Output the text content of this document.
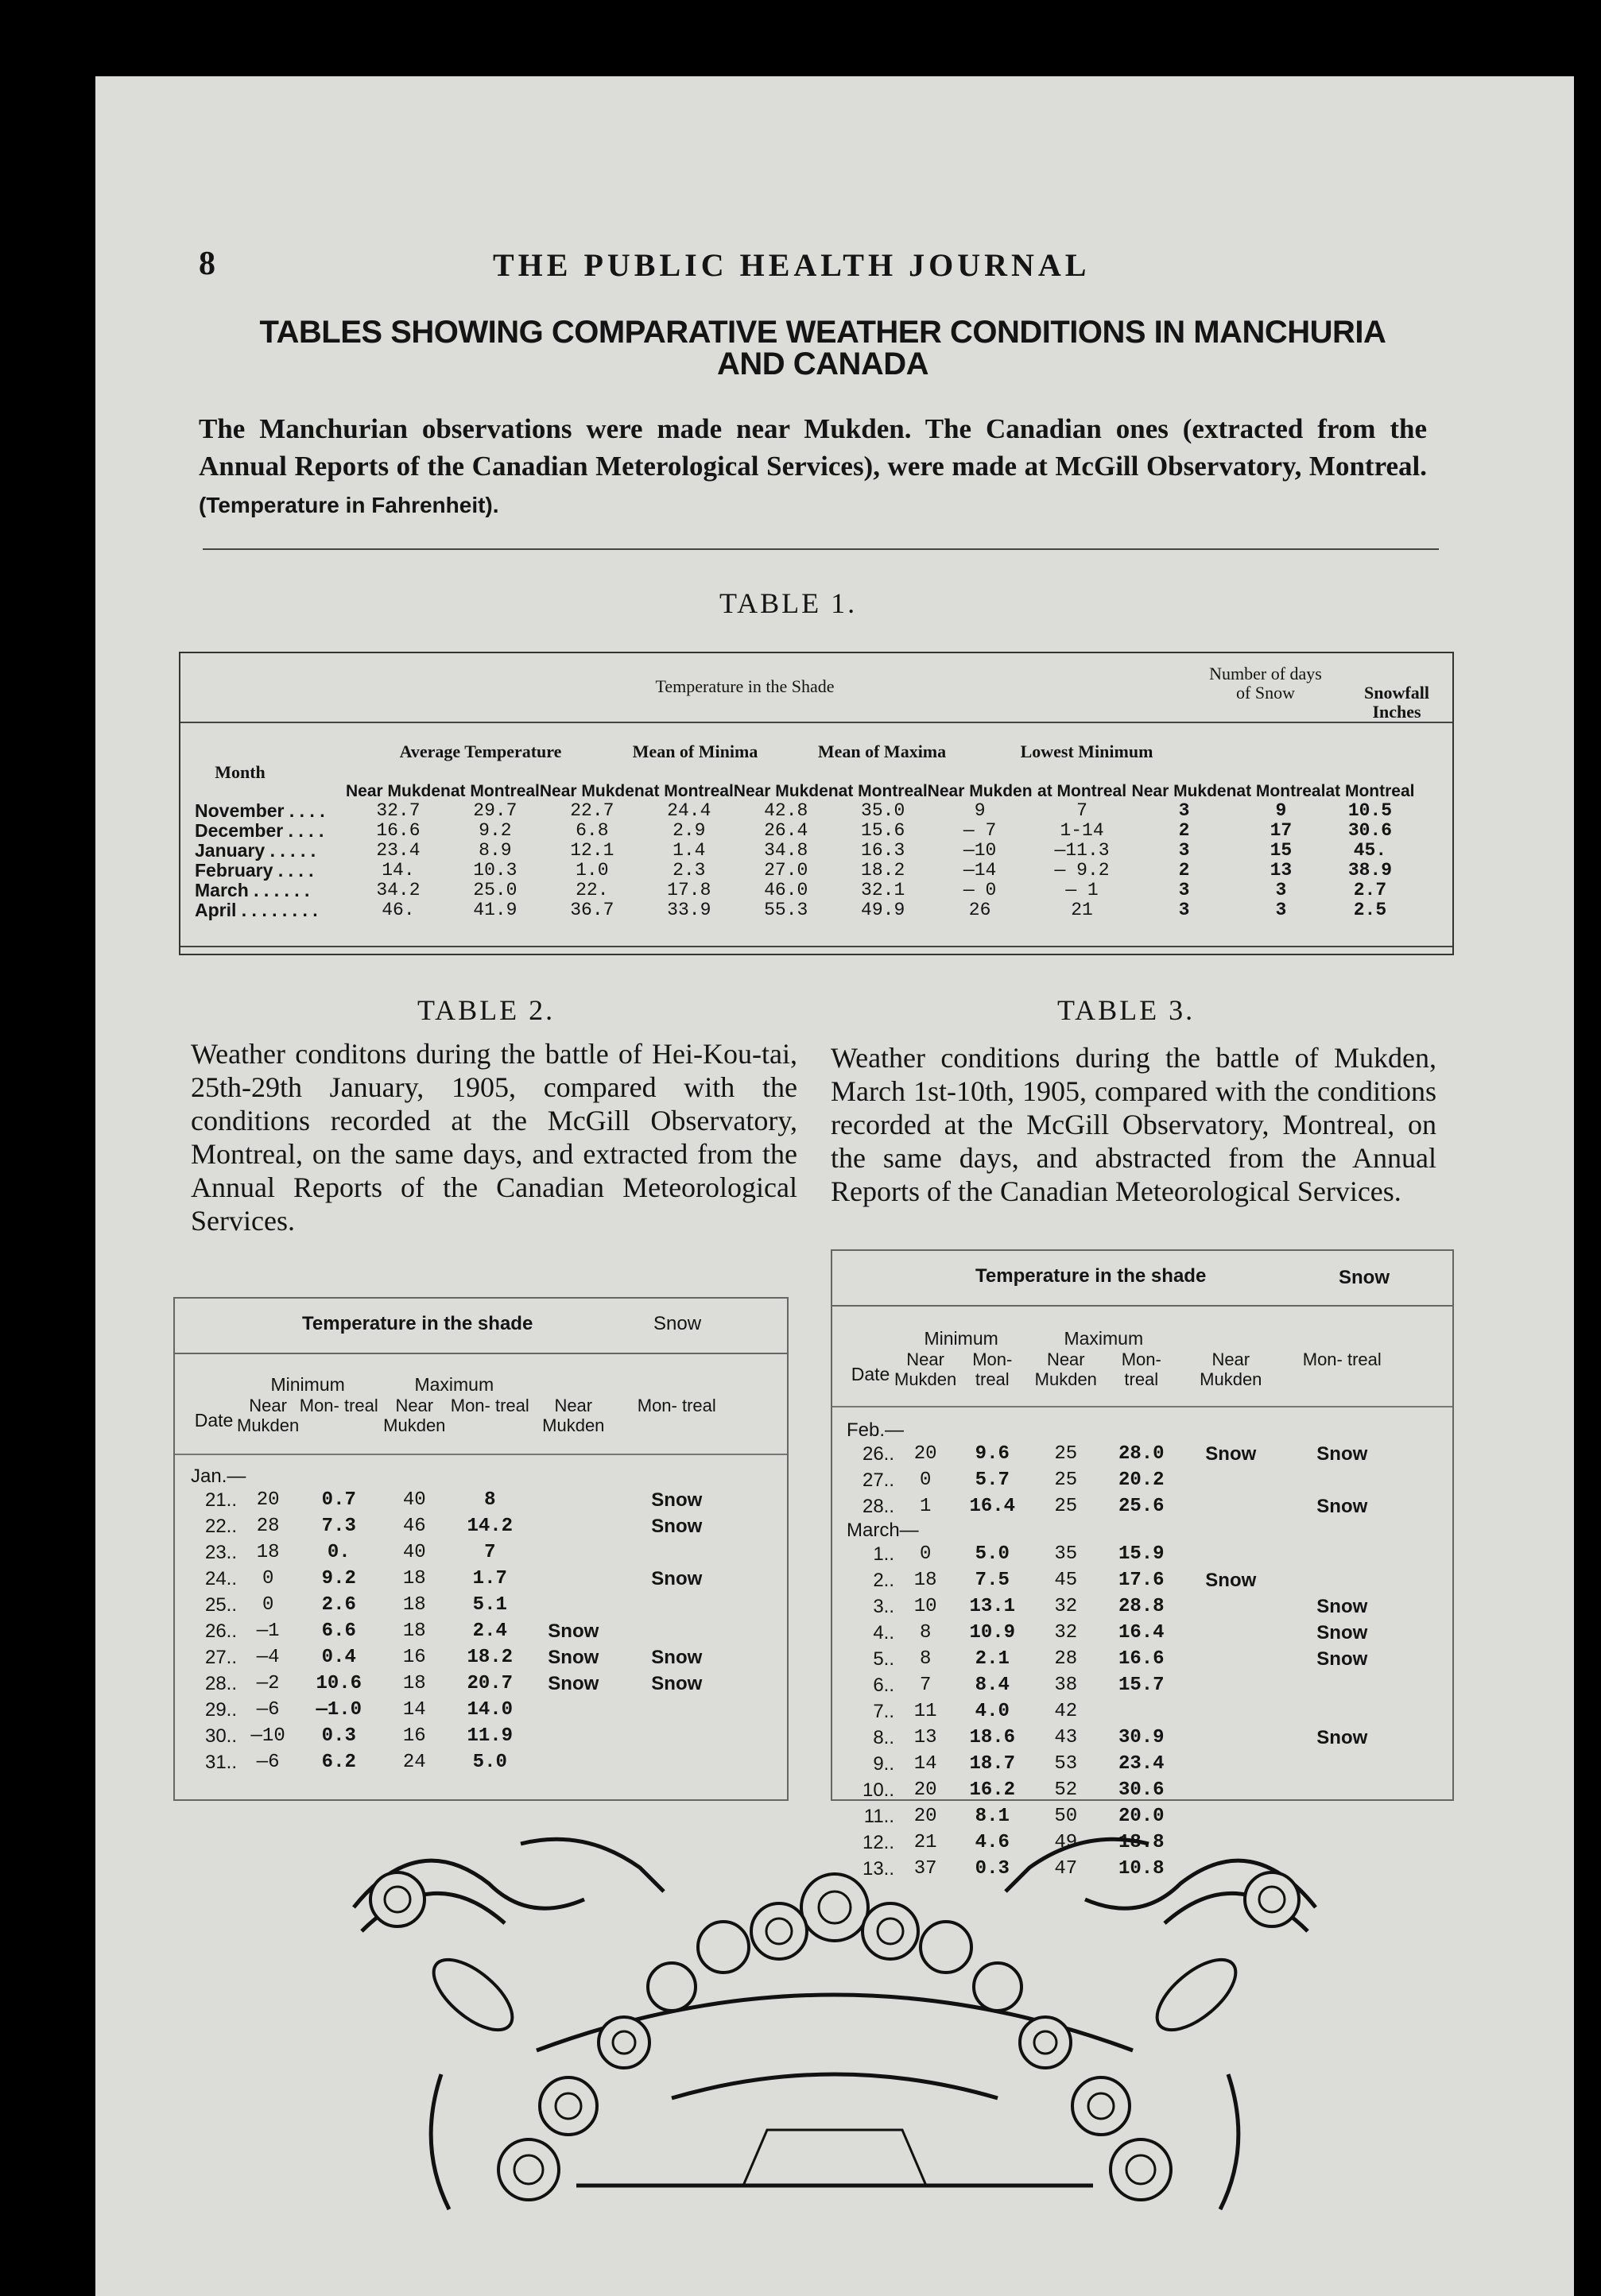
8	THE PUBLIC HEALTH JOURNAL
TABLES SHOWING COMPARATIVE WEATHER CONDITIONS IN MANCHURIA
AND CANADA
The Manchurian observations were made near Mukden. The Canadian ones (extracted from the Annual Reports of the Canadian Meterological Services), were made at McGill Observatory, Montreal. (Temperature in Fahrenheit).
TABLE 1.
Temperature in the Shade
Number of days of Snow	Snowfall Inches
Month
Average Temperature	Mean of Minima	Mean of Maxima	Lowest Minimum
	Near Mukden	at Montreal	Near Mukden	at Montreal	Near Mukden	at Montreal	Near Mukden	at Montreal	Near Mukden	at Montreal	at Montreal
November . . . .	32.7	29.7	22.7	24.4	42.8	35.0	9	7	3	9	10.5
December . . . .	16.6	9.2	6.8	2.9	26.4	15.6	— 7	1-14	2	17	30.6
January . . . . .	23.4	8.9	12.1	1.4	34.8	16.3	—10	—11.3	3	15	45.
February . . . .	14.	10.3	1.0	2.3	27.0	18.2	—14	— 9.2	2	13	38.9
March . . . . . .	34.2	25.0	22.	17.8	46.0	32.1	— 0	— 1	3	3	2.7
April . . . . . . . .	46.	41.9	36.7	33.9	55.3	49.9	26	21	3	3	2.5
TABLE 2.
Weather conditons during the battle of Hei-Kou-tai, 25th-29th January, 1905, compared with the conditions recorded at the McGill Observatory, Montreal, on the same days, and extracted from the Annual Reports of the Canadian Meteorological Services.
Temperature in the shade	Snow
	Minimum		Maximum			
Date	Near Mukden	Mon- treal	Near Mukden	Mon- treal	Near Mukden	Mon- treal

Jan.—						
21..	20	0.7	40	8		Snow
22..	28	7.3	46	14.2		Snow
23..	18	0.	40	7		
24..	0	9.2	18	1.7		Snow
25..	0	2.6	18	5.1		
26..	—1	6.6	18	2.4	Snow	
27..	—4	0.4	16	18.2	Snow	Snow
28..	—2	10.6	18	20.7	Snow	Snow
29..	—6	—1.0	14	14.0		
30..	—10	0.3	16	11.9		
31..	—6	6.2	24	5.0		
TABLE 3.
Weather conditions during the battle of Mukden, March 1st-10th, 1905, compared with the conditions recorded at the McGill Observatory, Montreal, on the same days, and abstracted from the Annual Reports of the Canadian Meteorological Services.
Temperature in the shade	Snow
	Minimum		Maximum			
Date	Near Mukden	Mon- treal	Near Mukden	Mon- treal	Near Mukden	Mon- treal

Feb.—						
26..	20	9.6	25	28.0	Snow	Snow
27..	0	5.7	25	20.2		
28..	1	16.4	25	25.6		Snow
March—						
1..	0	5.0	35	15.9		
2..	18	7.5	45	17.6	Snow	
3..	10	13.1	32	28.8		Snow
4..	8	10.9	32	16.4		Snow
5..	8	2.1	28	16.6		Snow
6..	7	8.4	38	15.7		
7..	11	4.0	42			
8..	13	18.6	43	30.9		Snow
9..	14	18.7	53	23.4		
10..	20	16.2	52	30.6		
11..	20	8.1	50	20.0		
12..	21	4.6	49	18.8		
13..	37	0.3	47	10.8		
